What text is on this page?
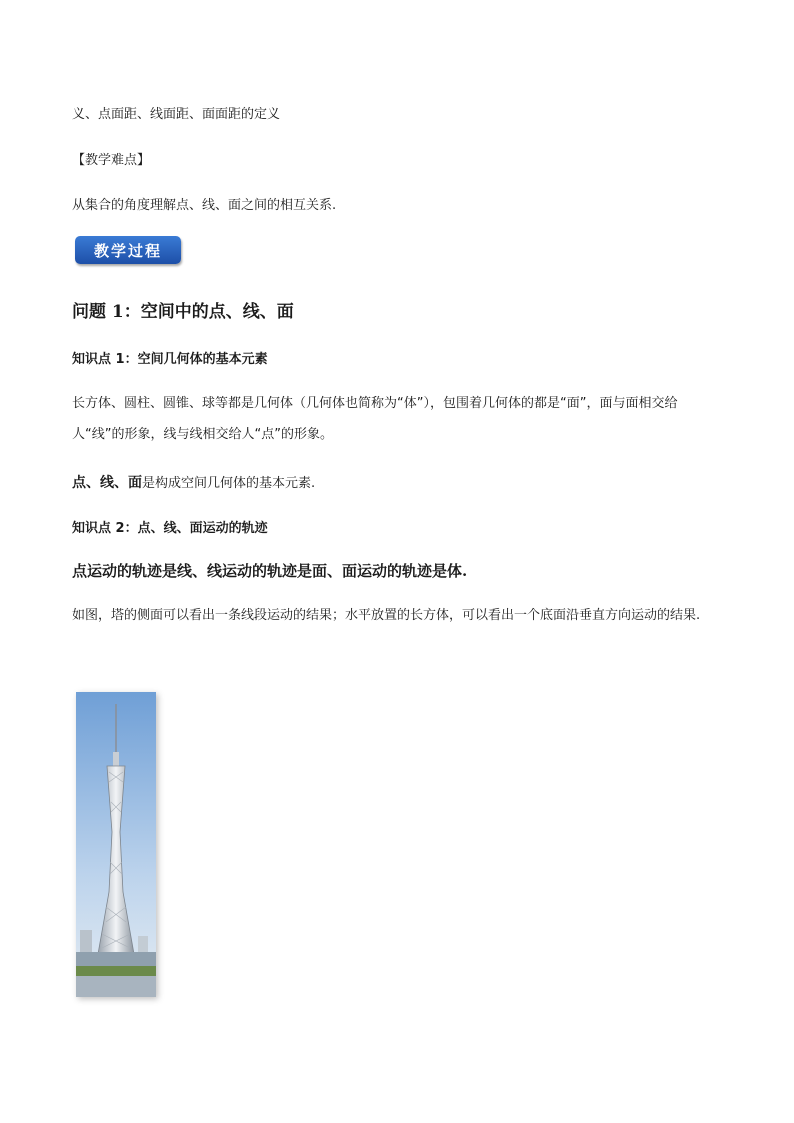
义、点面距、线面距、面面距的定义
【教学难点】
从集合的角度理解点、线、面之间的相互关系.
教学过程
问题 1：空间中的点、线、面
知识点 1：空间几何体的基本元素
长方体、圆柱、圆锥、球等都是几何体（几何体也简称为“体”），包围着几何体的都是“面”，面与面相交给人“线”的形象，线与线相交给人“点”的形象。
点、线、面是构成空间几何体的基本元素.
知识点 2：点、线、面运动的轨迹
点运动的轨迹是线、线运动的轨迹是面、面运动的轨迹是体.
如图，塔的侧面可以看出一条线段运动的结果；水平放置的长方体，可以看出一个底面沿垂直方向运动的结果.
